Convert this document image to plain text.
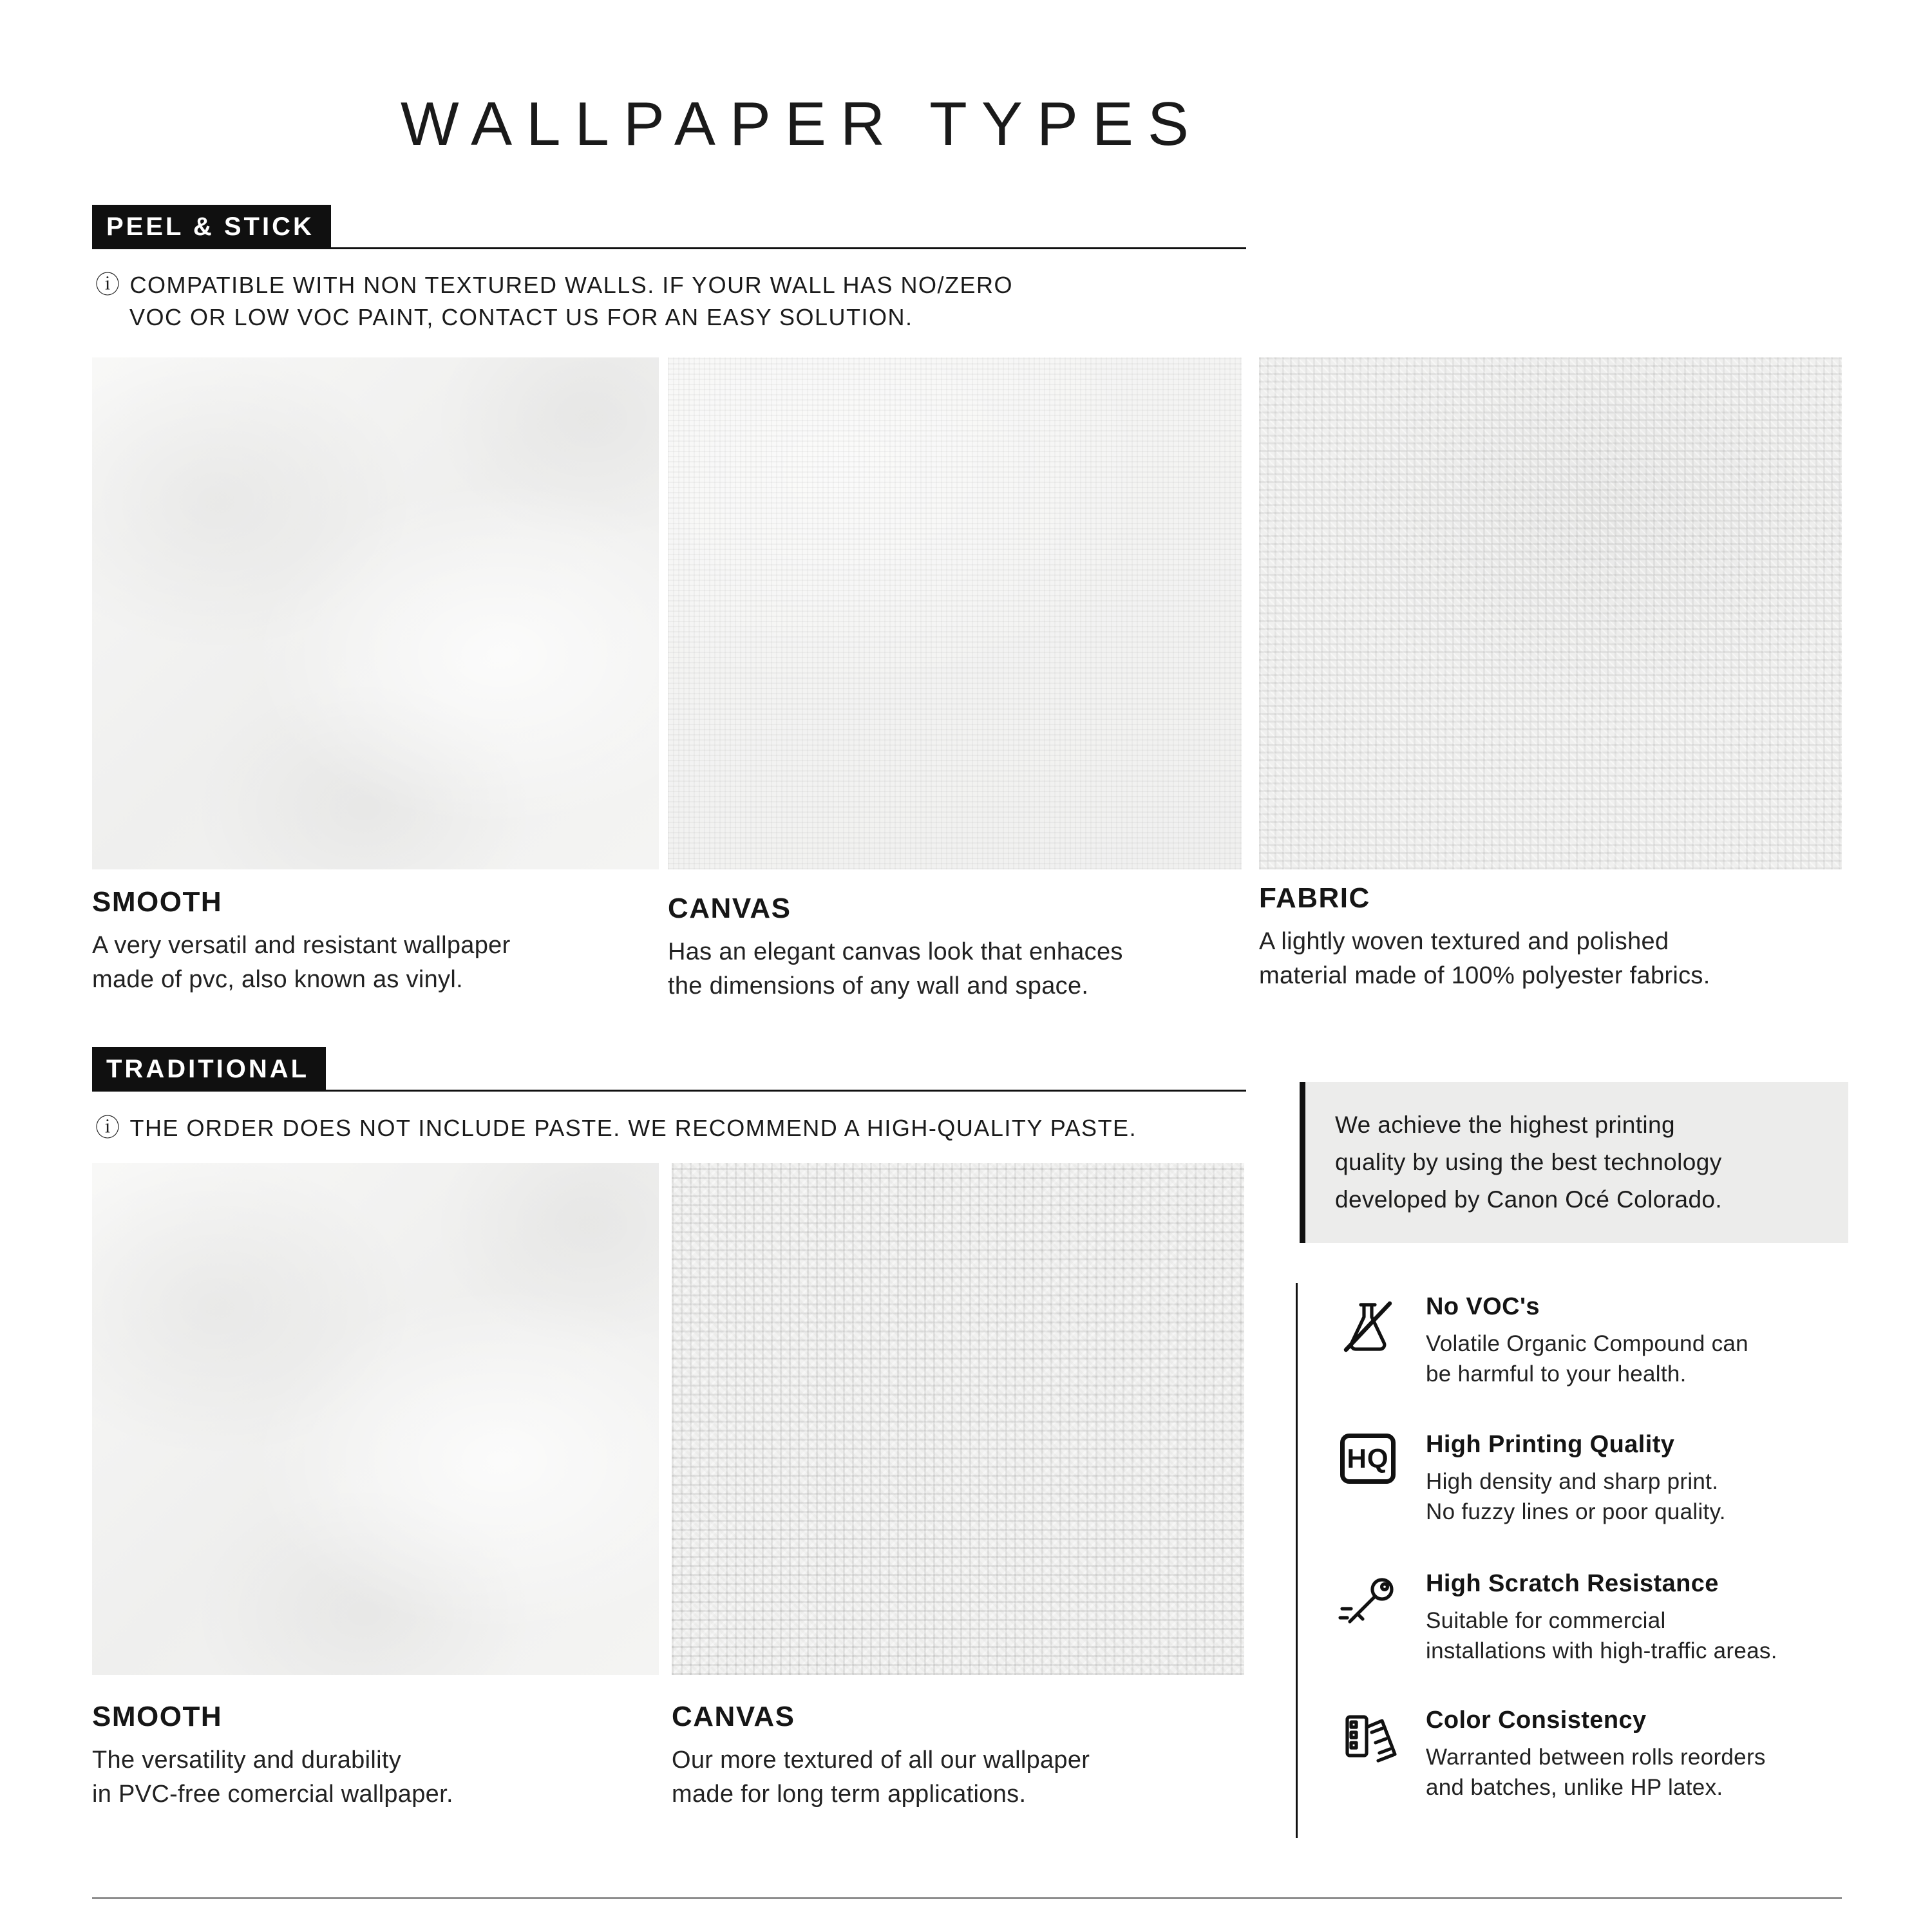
WALLPAPER TYPES
PEEL & STICK
ⓘ COMPATIBLE WITH NON TEXTURED WALLS. IF YOUR WALL HAS NO/ZERO
VOC OR LOW VOC PAINT, CONTACT US FOR AN EASY SOLUTION.
SMOOTH
A very versatil and resistant wallpaper
made of pvc, also known as vinyl.
CANVAS
Has an elegant canvas look that enhaces
the dimensions of any wall and space.
FABRIC
A lightly woven textured and polished
material made of 100% polyester fabrics.
TRADITIONAL
ⓘ THE ORDER DOES NOT INCLUDE PASTE. WE RECOMMEND A HIGH-QUALITY PASTE.
SMOOTH
The versatility and durability
in PVC-free comercial wallpaper.
CANVAS
Our more textured of all our wallpaper
made for long term applications.
We achieve the highest printing
quality by using the best technology
developed by Canon Océ Colorado.
No VOC's
Volatile Organic Compound can
be harmful to your health.
HQ High Printing Quality
High density and sharp print.
No fuzzy lines or poor quality.
High Scratch Resistance
Suitable for commercial
installations with high-traffic areas.
Color Consistency
Warranted between rolls reorders
and batches, unlike HP latex.
